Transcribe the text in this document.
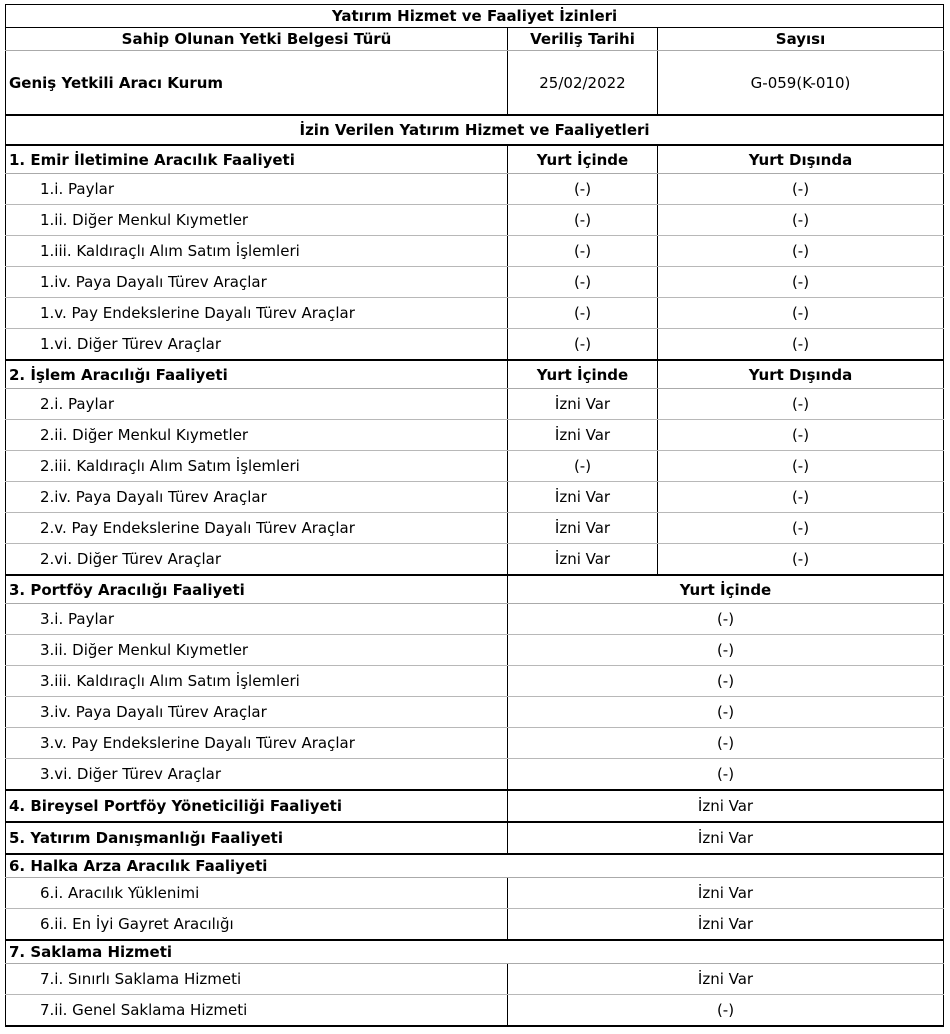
Yatırım Hizmet ve Faaliyet İzinleri		
Sahip Olunan Yetki Belgesi Türü	Veriliş Tarihi	Sayısı
Geniş Yetkili Aracı Kurum	25/02/2022	G-059(K-010)
İzin Verilen Yatırım Hizmet ve Faaliyetleri		
1. Emir İletimine Aracılık Faaliyeti	Yurt İçinde	Yurt Dışında
1.i. Paylar	(-)	(-)
1.ii. Diğer Menkul Kıymetler	(-)	(-)
1.iii. Kaldıraçlı Alım Satım İşlemleri	(-)	(-)
1.iv. Paya Dayalı Türev Araçlar	(-)	(-)
1.v. Pay Endekslerine Dayalı Türev Araçlar	(-)	(-)
1.vi. Diğer Türev Araçlar	(-)	(-)
2. İşlem Aracılığı Faaliyeti	Yurt İçinde	Yurt Dışında
2.i. Paylar	İzni Var	(-)
2.ii. Diğer Menkul Kıymetler	İzni Var	(-)
2.iii. Kaldıraçlı Alım Satım İşlemleri	(-)	(-)
2.iv. Paya Dayalı Türev Araçlar	İzni Var	(-)
2.v. Pay Endekslerine Dayalı Türev Araçlar	İzni Var	(-)
2.vi. Diğer Türev Araçlar	İzni Var	(-)
3. Portföy Aracılığı Faaliyeti	Yurt İçinde	
3.i. Paylar	(-)	
3.ii. Diğer Menkul Kıymetler	(-)	
3.iii. Kaldıraçlı Alım Satım İşlemleri	(-)	
3.iv. Paya Dayalı Türev Araçlar	(-)	
3.v. Pay Endekslerine Dayalı Türev Araçlar	(-)	
3.vi. Diğer Türev Araçlar	(-)	
4. Bireysel Portföy Yöneticiliği Faaliyeti	İzni Var	
5. Yatırım Danışmanlığı Faaliyeti	İzni Var	
6. Halka Arza Aracılık Faaliyeti		
6.i. Aracılık Yüklenimi	İzni Var	
6.ii. En İyi Gayret Aracılığı	İzni Var	
7. Saklama Hizmeti		
7.i. Sınırlı Saklama Hizmeti	İzni Var	
7.ii. Genel Saklama Hizmeti	(-)	
